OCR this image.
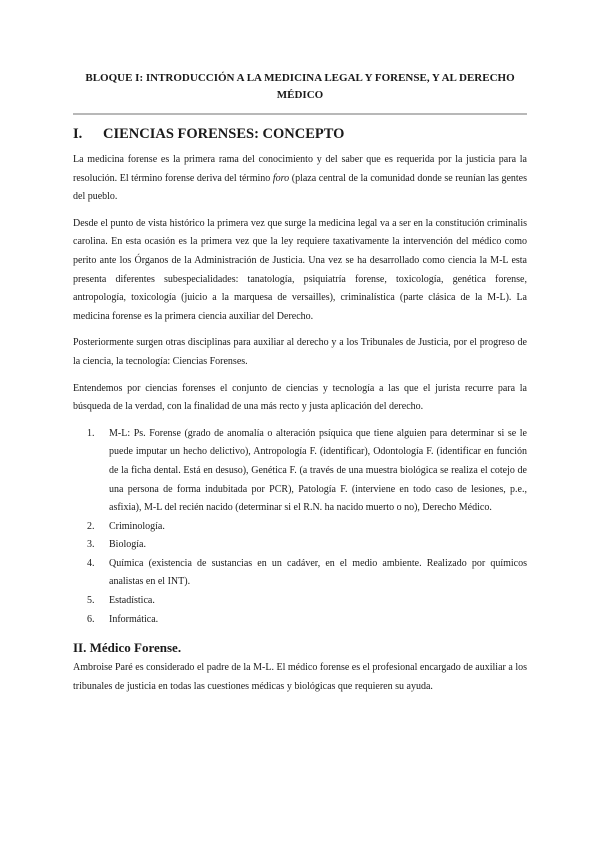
BLOQUE I: INTRODUCCIÓN A LA MEDICINA LEGAL Y FORENSE, Y AL DERECHO
MÉDICO
I.	CIENCIAS FORENSES: CONCEPTO

La medicina forense es la primera rama del conocimiento y del saber que es requerida por la justicia para la resolución. El término forense deriva del término foro (plaza central de la comunidad donde se reunían las gentes del pueblo.

Desde el punto de vista histórico la primera vez que surge la medicina legal va a ser en la constitución criminalis carolina. En esta ocasión es la primera vez que la ley requiere taxativamente la intervención del médico como perito ante los Órganos de la Administración de Justicia. Una vez se ha desarrollado como ciencia la M-L esta presenta diferentes subespecialidades: tanatología, psiquiatría forense, toxicología, genética forense, antropología, toxicología (juicio a la marquesa de versailles), criminalística (parte clásica de la M-L). La medicina forense es la primera ciencia auxiliar del Derecho.

Posteriormente surgen otras disciplinas para auxiliar al derecho y a los Tribunales de Justicia, por el progreso de la ciencia, la tecnología: Ciencias Forenses.

Entendemos por ciencias forenses el conjunto de ciencias y tecnología a las que el jurista recurre para la búsqueda de la verdad, con la finalidad de una más recto y justa aplicación del derecho.

1.	M-L: Ps. Forense (grado de anomalía o alteración psíquica que tiene alguien para determinar si se le puede imputar un hecho delictivo), Antropología F. (identificar), Odontología F. (identificar en función de la ficha dental. Está en desuso), Genética F. (a través de una muestra biológica se realiza el cotejo de una persona de forma indubitada por PCR), Patología F. (interviene en todo caso de lesiones, p.e., asfixia), M-L del recién nacido (determinar si el R.N. ha nacido muerto o no), Derecho Médico.
2.	Criminología.
3.	Biología.
4.	Química (existencia de sustancias en un cadáver, en el medio ambiente. Realizado por químicos analistas en el INT).
5.	Estadística.
6.	Informática.
II. Médico Forense.

Ambroise Paré es considerado el padre de la M-L. El médico forense es el profesional encargado de auxiliar a los tribunales de justicia en todas las cuestiones médicas y biológicas que requieren su ayuda.
